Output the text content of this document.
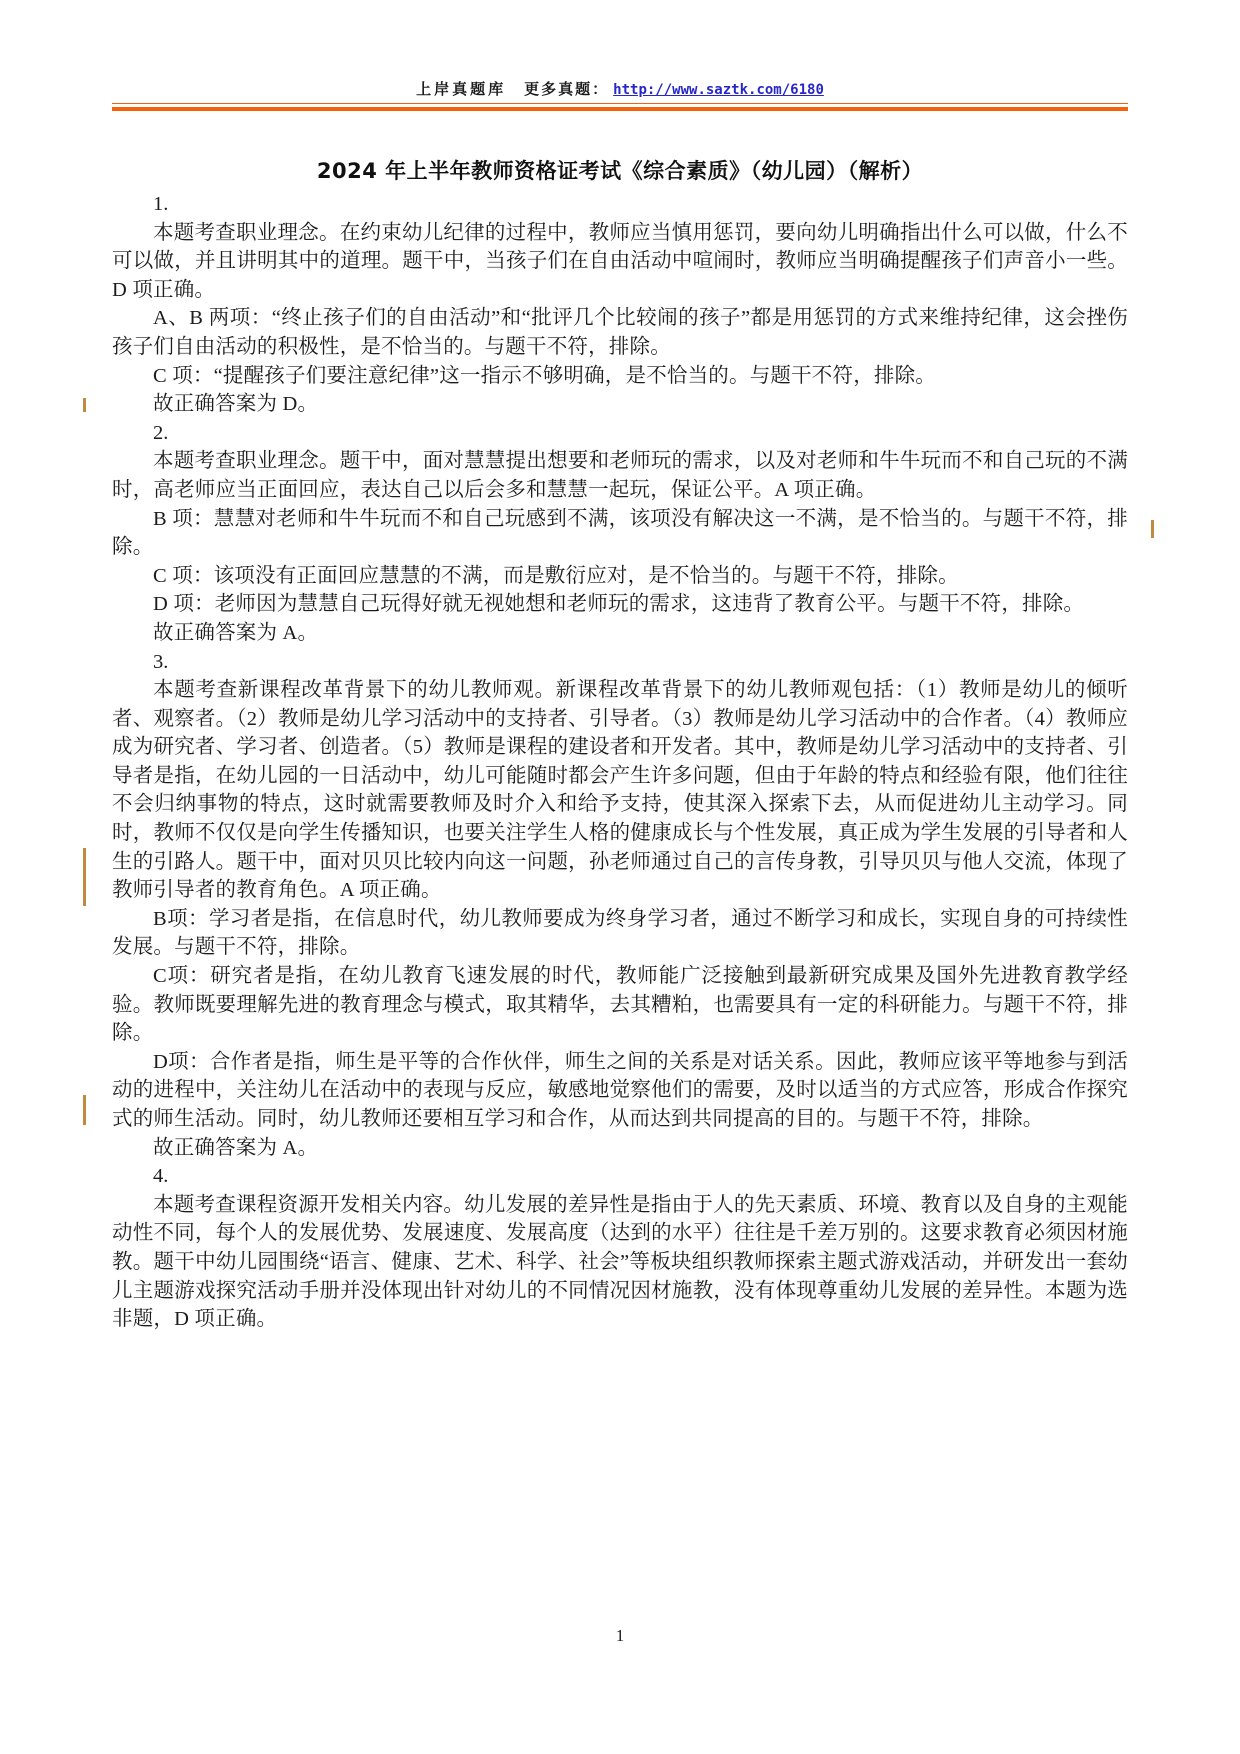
上岸真题库 更多真题： http://www.saztk.com/6180
2024 年上半年教师资格证考试《综合素质》（幼儿园）（解析）

1.

本题考查职业理念。在约束幼儿纪律的过程中，教师应当慎用惩罚，要向幼儿明确指出什么可以做，什么不可以做，并且讲明其中的道理。题干中，当孩子们在自由活动中喧闹时，教师应当明确提醒孩子们声音小一些。D 项正确。

A、B 两项：“终止孩子们的自由活动”和“批评几个比较闹的孩子”都是用惩罚的方式来维持纪律，这会挫伤孩子们自由活动的积极性，是不恰当的。与题干不符，排除。

C 项：“提醒孩子们要注意纪律”这一指示不够明确，是不恰当的。与题干不符，排除。

故正确答案为 D。

2.

本题考查职业理念。题干中，面对慧慧提出想要和老师玩的需求，以及对老师和牛牛玩而不和自己玩的不满时，高老师应当正面回应，表达自己以后会多和慧慧一起玩，保证公平。A 项正确。

B 项：慧慧对老师和牛牛玩而不和自己玩感到不满，该项没有解决这一不满，是不恰当的。与题干不符，排除。

C 项：该项没有正面回应慧慧的不满，而是敷衍应对，是不恰当的。与题干不符，排除。

D 项：老师因为慧慧自己玩得好就无视她想和老师玩的需求，这违背了教育公平。与题干不符，排除。

故正确答案为 A。

3.

本题考查新课程改革背景下的幼儿教师观。新课程改革背景下的幼儿教师观包括：（1）教师是幼儿的倾听者、观察者。（2）教师是幼儿学习活动中的支持者、引导者。（3）教师是幼儿学习活动中的合作者。（4）教师应成为研究者、学习者、创造者。（5）教师是课程的建设者和开发者。其中，教师是幼儿学习活动中的支持者、引导者是指，在幼儿园的一日活动中，幼儿可能随时都会产生许多问题，但由于年龄的特点和经验有限，他们往往不会归纳事物的特点，这时就需要教师及时介入和给予支持，使其深入探索下去，从而促进幼儿主动学习。同时，教师不仅仅是向学生传播知识，也要关注学生人格的健康成长与个性发展，真正成为学生发展的引导者和人生的引路人。题干中，面对贝贝比较内向这一问题，孙老师通过自己的言传身教，引导贝贝与他人交流，体现了教师引导者的教育角色。A 项正确。

B项：学习者是指，在信息时代，幼儿教师要成为终身学习者，通过不断学习和成长，实现自身的可持续性发展。与题干不符，排除。

C项：研究者是指，在幼儿教育飞速发展的时代，教师能广泛接触到最新研究成果及国外先进教育教学经验。教师既要理解先进的教育理念与模式，取其精华，去其糟粕，也需要具有一定的科研能力。与题干不符，排除。

D项：合作者是指，师生是平等的合作伙伴，师生之间的关系是对话关系。因此，教师应该平等地参与到活动的进程中，关注幼儿在活动中的表现与反应，敏感地觉察他们的需要，及时以适当的方式应答，形成合作探究式的师生活动。同时，幼儿教师还要相互学习和合作，从而达到共同提高的目的。与题干不符，排除。

故正确答案为 A。

4.

本题考查课程资源开发相关内容。幼儿发展的差异性是指由于人的先天素质、环境、教育以及自身的主观能动性不同，每个人的发展优势、发展速度、发展高度（达到的水平）往往是千差万别的。这要求教育必须因材施教。题干中幼儿园围绕“语言、健康、艺术、科学、社会”等板块组织教师探索主题式游戏活动，并研发出一套幼儿主题游戏探究活动手册并没体现出针对幼儿的不同情况因材施教，没有体现尊重幼儿发展的差异性。本题为选非题，D 项正确。

1
